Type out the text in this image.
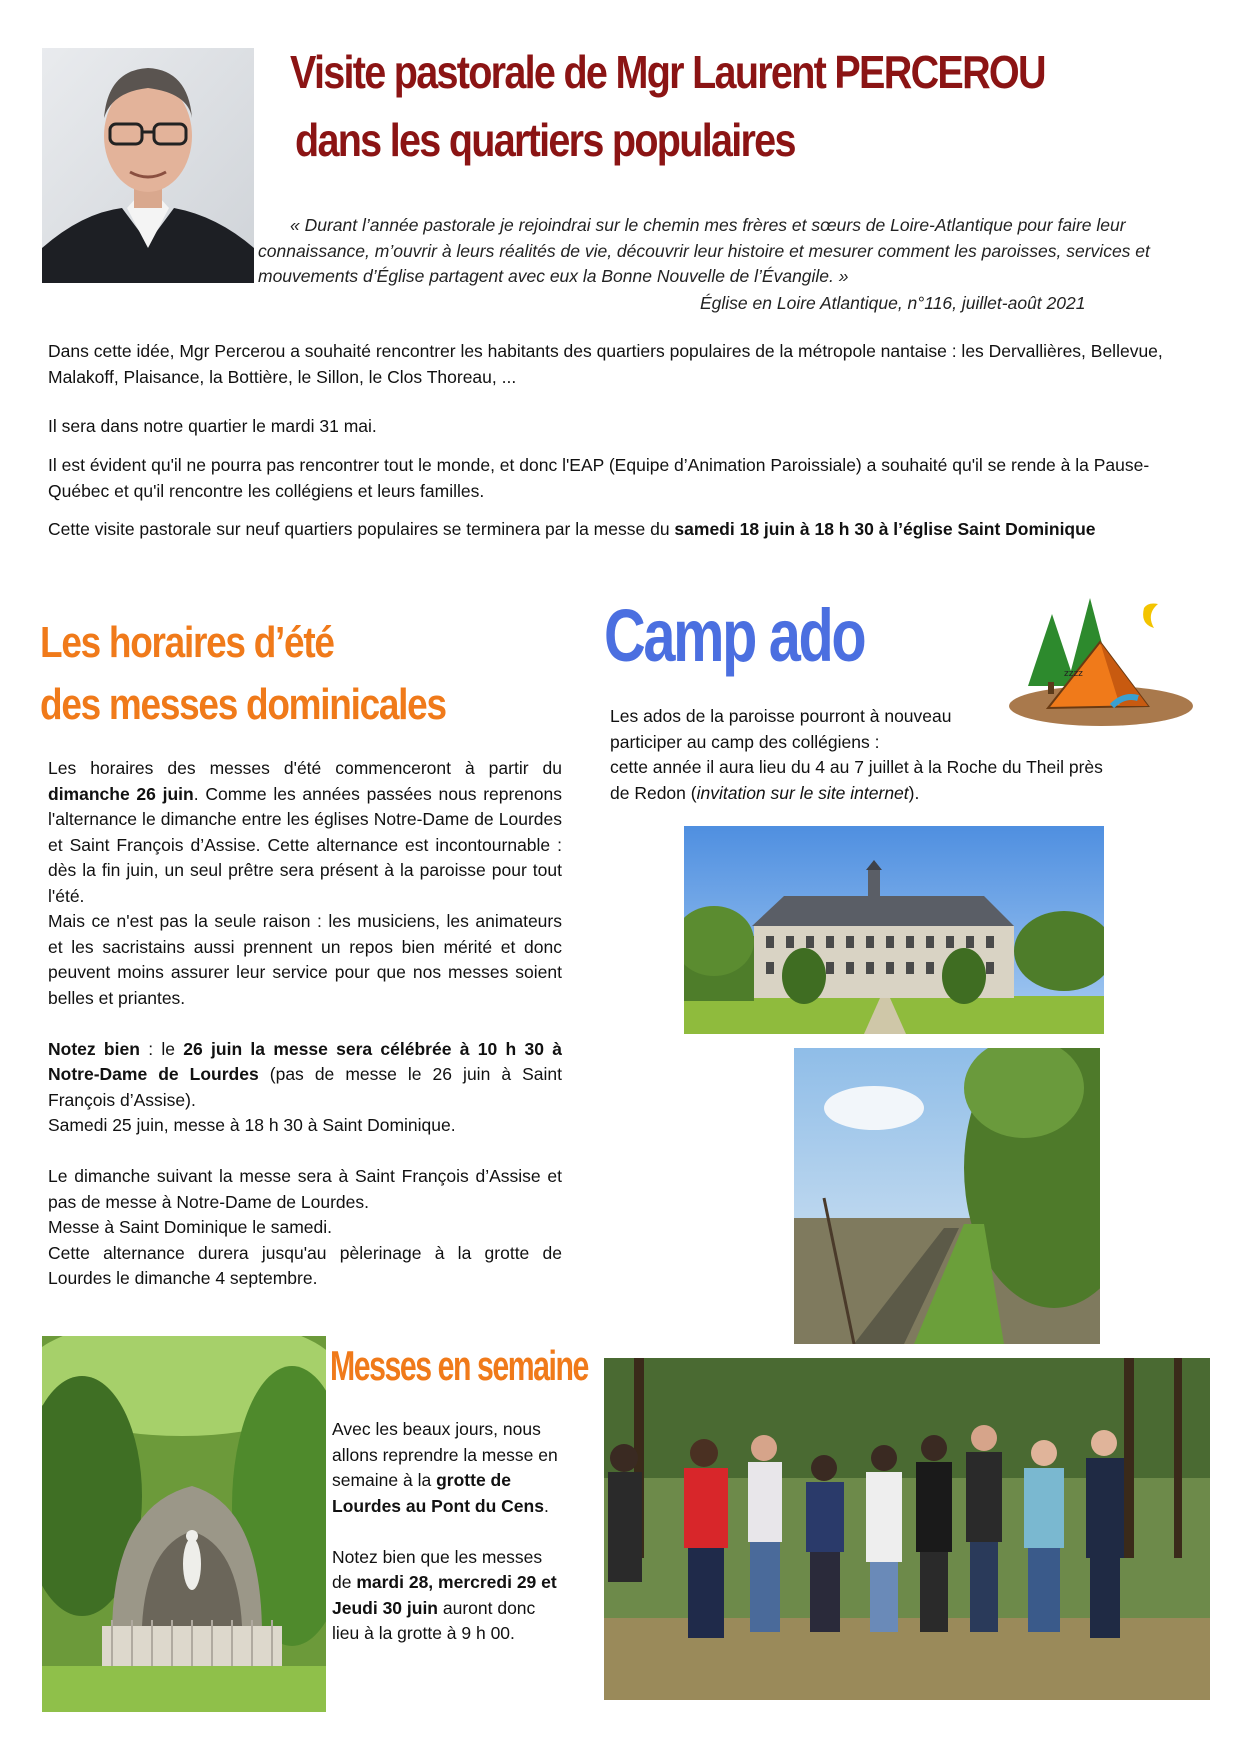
Visite pastorale de Mgr Laurent PERCEROU
dans les quartiers populaires

« Durant l’année pastorale je rejoindrai sur le chemin mes frères et sœurs de Loire-Atlantique pour faire leur connaissance, m’ouvrir à leurs réalités de vie, découvrir leur histoire et mesurer comment les paroisses, services et mouvements d’Église partagent avec eux la Bonne Nouvelle de l’Évangile. »

Église en Loire Atlantique, n°116, juillet-août 2021
Dans cette idée, Mgr Percerou a souhaité rencontrer les habitants des quartiers populaires de la métropole nantaise : les Dervallières, Bellevue, Malakoff, Plaisance, la Bottière, le Sillon, le Clos Thoreau, ...
Il sera dans notre quartier le mardi 31 mai.
Il est évident qu'il ne pourra pas rencontrer tout le monde, et donc l'EAP (Equipe d’Animation Paroissiale) a souhaité qu'il se rende à la Pause-Québec et qu'il rencontre les collégiens et leurs familles.
Cette visite pastorale sur neuf quartiers populaires se terminera par la messe du samedi 18 juin à 18 h 30 à l’église Saint Dominique
Les horaires d’été
des messes dominicales

Les horaires des messes d'été commenceront à partir du dimanche 26 juin. Comme les années passées nous reprenons l'alternance le dimanche entre les églises Notre-Dame de Lourdes et Saint François d’Assise. Cette alternance est incontournable : dès la fin juin, un seul prêtre sera présent à la paroisse pour tout l'été.

Mais ce n'est pas la seule raison : les musiciens, les animateurs et les sacristains aussi prennent un repos bien mérité et donc peuvent moins assurer leur service pour que nos messes soient belles et priantes.

Notez bien : le 26 juin la messe sera célébrée à 10 h 30 à Notre-Dame de Lourdes (pas de messe le 26 juin à Saint François d’Assise).

Samedi 25 juin, messe à 18 h 30 à Saint Dominique.

Le dimanche suivant la messe sera à Saint François d’Assise et pas de messe à Notre-Dame de Lourdes.

Messe à Saint Dominique le samedi.

Cette alternance durera jusqu'au pèlerinage à la grotte de Lourdes le dimanche 4 septembre.

Camp ado	zzzz

Les ados de la paroisse pourront à nouveau participer au camp des collégiens :

cette année il aura lieu du 4 au 7 juillet à la Roche du Theil près de Redon (invitation sur le site internet).

Messes en semaine

Avec les beaux jours, nous allons reprendre la messe en semaine à la grotte de Lourdes au Pont du Cens.

Notez bien que les messes de mardi 28, mercredi 29 et Jeudi 30 juin auront donc lieu à la grotte à 9 h 00.
